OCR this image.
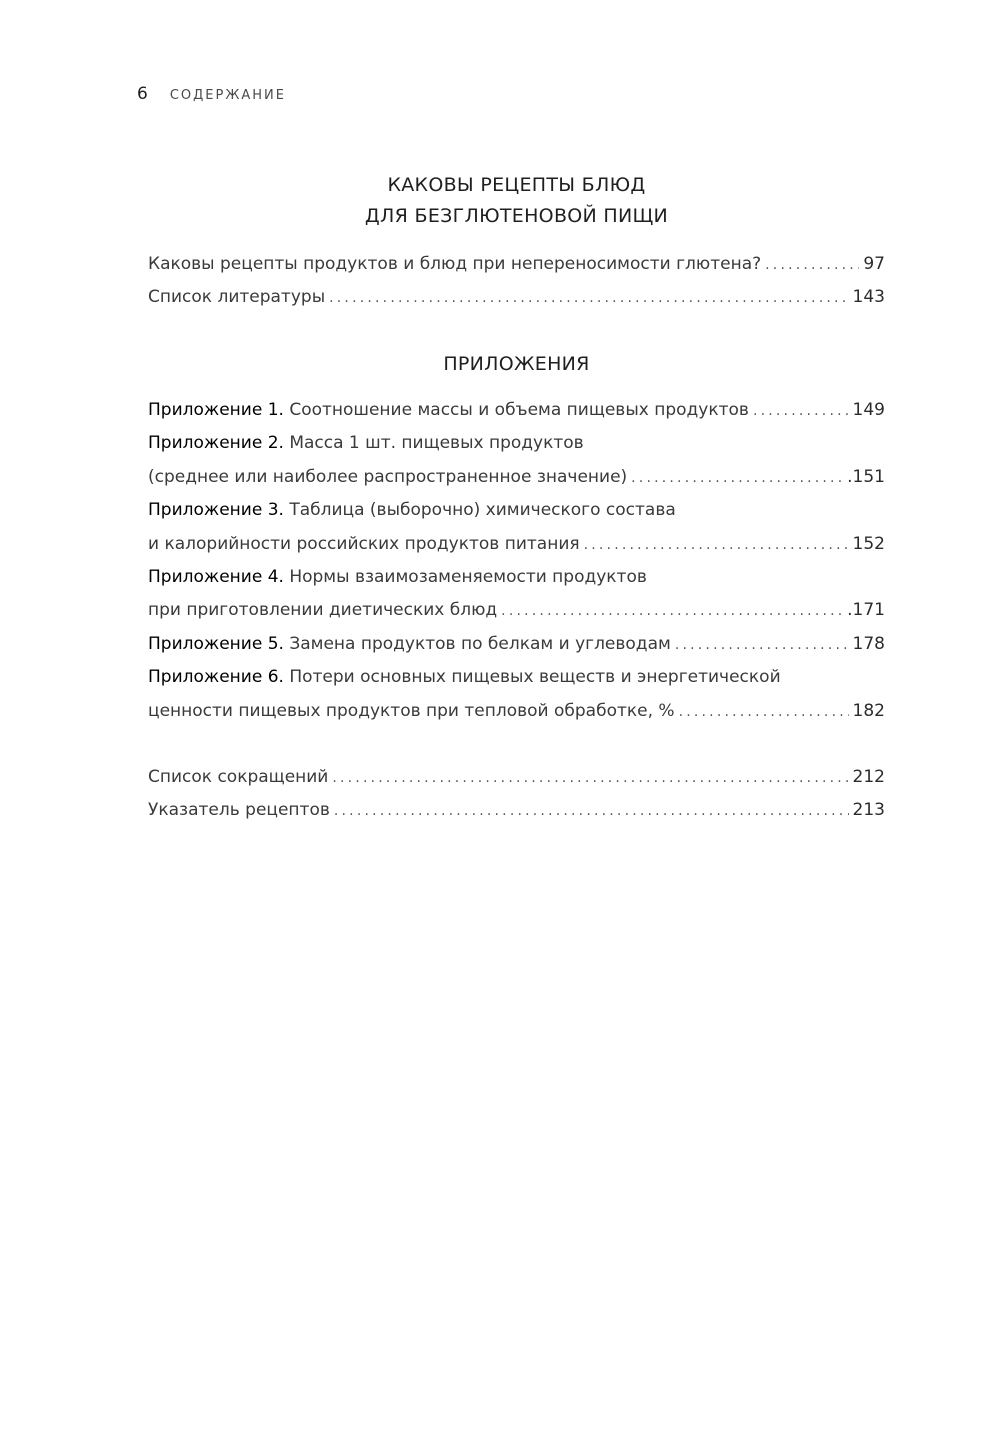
6 СОДЕРЖАНИЕ
КАКОВЫ РЕЦЕПТЫ БЛЮД
ДЛЯ БЕЗГЛЮТЕНОВОЙ ПИЩИ
Каковы рецепты продуктов и блюд при непереносимости глютена? .....	97
Список литературы .....	143
ПРИЛОЖЕНИЯ
Приложение 1. Соотношение массы и объема пищевых продуктов .....	149
Приложение 2. Масса 1 шт. пищевых продуктов
(среднее или наиболее распространенное значение) .....	.151
Приложение 3. Таблица (выборочно) химического состава
и калорийности российских продуктов питания .....	152
Приложение 4. Нормы взаимозаменяемости продуктов
при приготовлении диетических блюд .....	.171
Приложение 5. Замена продуктов по белкам и углеводам .....	178
Приложение 6. Потери основных пищевых веществ и энергетической
ценности пищевых продуктов при тепловой обработке, % .....	182
Список сокращений .....	212
Указатель рецептов .....	213
